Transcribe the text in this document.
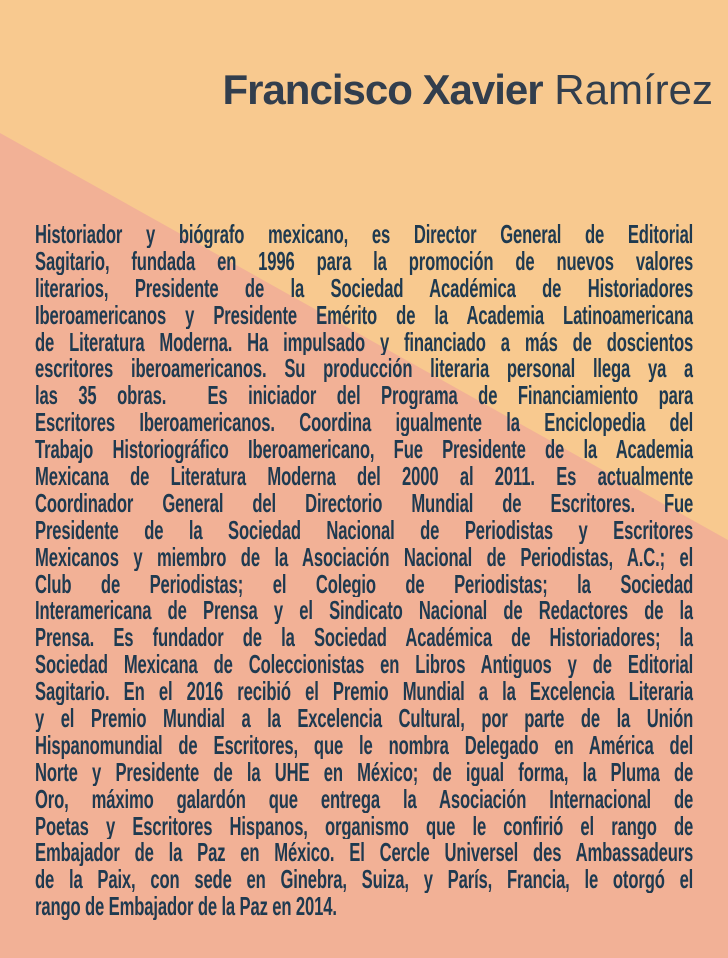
Francisco Xavier Ramírez
Historiador y biógrafo mexicano, es Director General de Editorial
Sagitario, fundada en 1996 para la promoción de nuevos valores
literarios, Presidente de la Sociedad Académica de Historiadores
Iberoamericanos y Presidente Emérito de la Academia Latinoamericana
de Literatura Moderna. Ha impulsado y financiado a más de doscientos
escritores iberoamericanos. Su producción literaria personal llega ya a
las 35 obras.  Es iniciador del Programa de Financiamiento para
Escritores Iberoamericanos. Coordina igualmente la Enciclopedia del
Trabajo Historiográfico Iberoamericano, Fue Presidente de la Academia
Mexicana de Literatura Moderna del 2000 al 2011. Es actualmente
Coordinador General del Directorio Mundial de Escritores. Fue
Presidente de la Sociedad Nacional de Periodistas y Escritores
Mexicanos y miembro de la Asociación Nacional de Periodistas, A.C.; el
Club de Periodistas; el Colegio de Periodistas; la Sociedad
Interamericana de Prensa y el Sindicato Nacional de Redactores de la
Prensa. Es fundador de la Sociedad Académica de Historiadores; la
Sociedad Mexicana de Coleccionistas en Libros Antiguos y de Editorial
Sagitario. En el 2016 recibió el Premio Mundial a la Excelencia Literaria
y el Premio Mundial a la Excelencia Cultural, por parte de la Unión
Hispanomundial de Escritores, que le nombra Delegado en América del
Norte y Presidente de la UHE en México; de igual forma, la Pluma de
Oro, máximo galardón que entrega la Asociación Internacional de
Poetas y Escritores Hispanos, organismo que le confirió el rango de
Embajador de la Paz en México. El Cercle Universel des Ambassadeurs
de la Paix, con sede en Ginebra, Suiza, y París, Francia, le otorgó el
rango de Embajador de la Paz en 2014.
